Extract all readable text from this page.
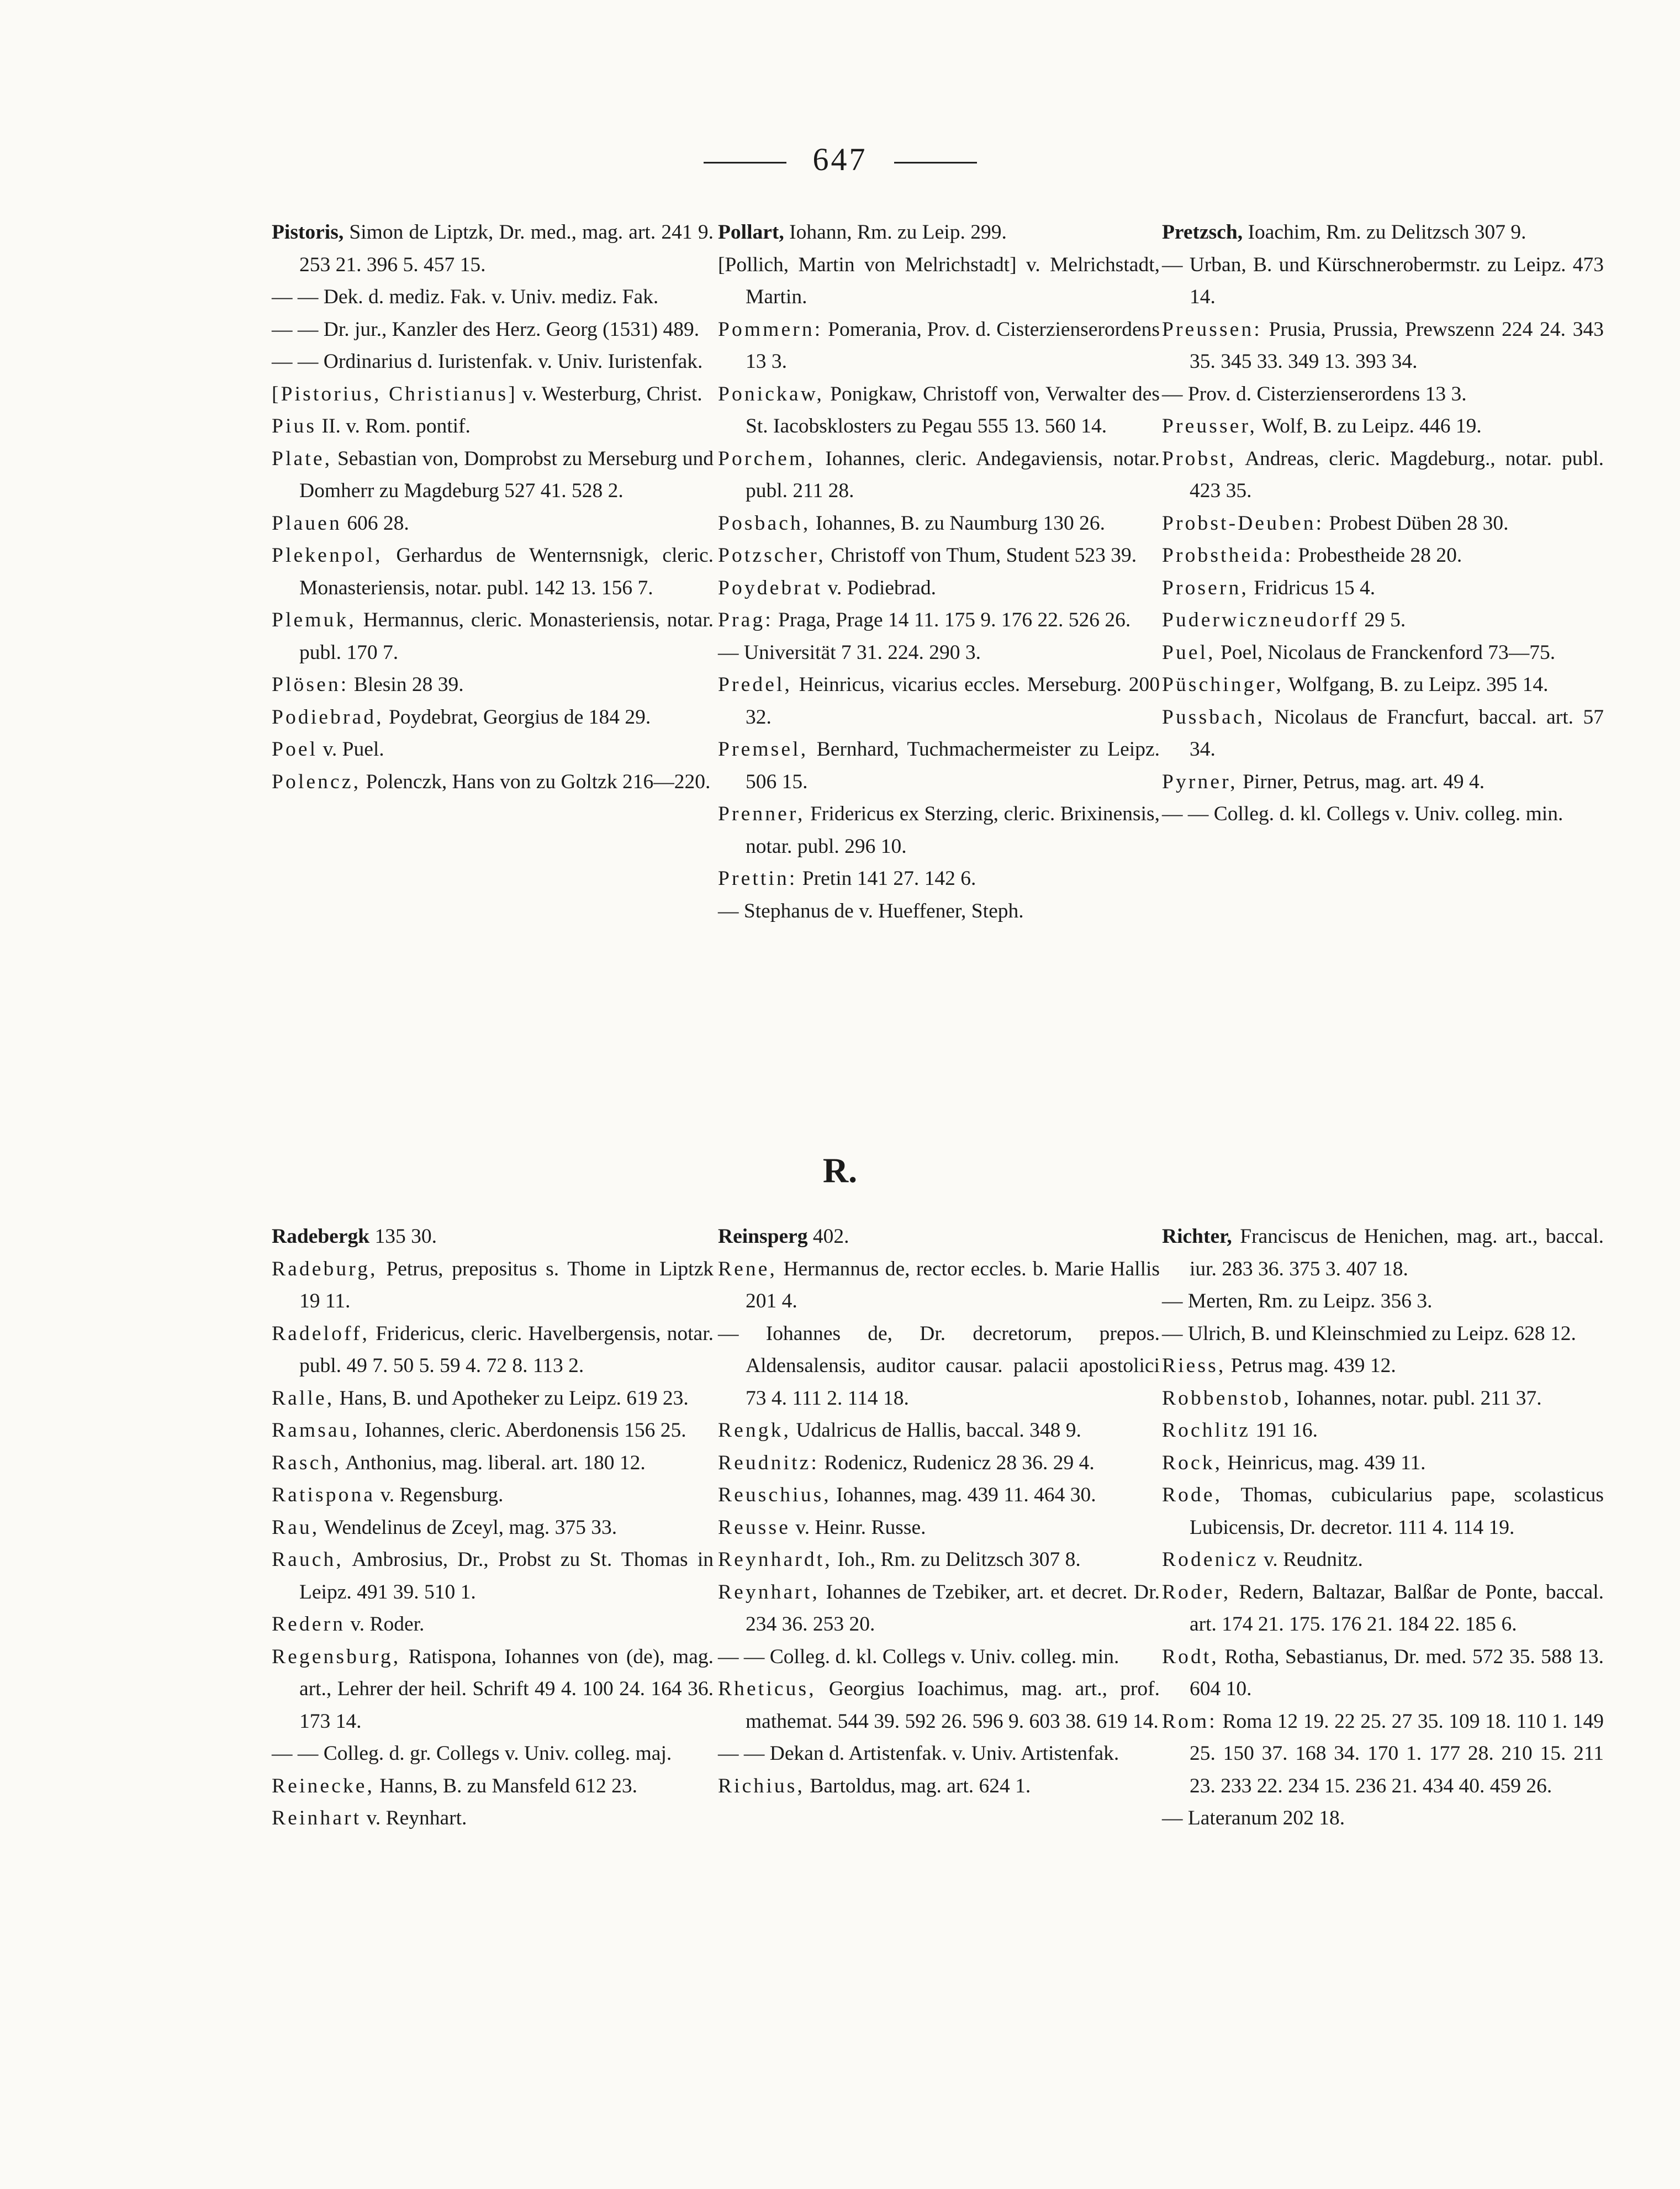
647
Pistoris, Simon de Liptzk, Dr. med., mag. art. 241 9. 253 21. 396 5. 457 15.
— — Dek. d. mediz. Fak. v. Univ. mediz. Fak.
— — Dr. jur., Kanzler des Herz. Georg (1531) 489.
— — Ordinarius d. Iuristenfak. v. Univ. Iuristenfak.
[Pistorius, Christianus] v. Westerburg, Christ.
Pius II. v. Rom. pontif.
Plate, Sebastian von, Domprobst zu Merseburg und Domherr zu Magdeburg 527 41. 528 2.
Plauen 606 28.
Plekenpol, Gerhardus de Wenternsnigk, cleric. Monasteriensis, notar. publ. 142 13. 156 7.
Plemuk, Hermannus, cleric. Monasteriensis, notar. publ. 170 7.
Plösen: Blesin 28 39.
Podiebrad, Poydebrat, Georgius de 184 29.
Poel v. Puel.
Polencz, Polenczk, Hans von zu Goltzk 216—220.
Pollart, Iohann, Rm. zu Leip. 299.
[Pollich, Martin von Melrichstadt] v. Melrichstadt, Martin.
Pommern: Pomerania, Prov. d. Cisterzienserordens 13 3.
Ponickaw, Ponigkaw, Christoff von, Verwalter des St. Iacobsklosters zu Pegau 555 13. 560 14.
Porchem, Iohannes, cleric. Andegaviensis, notar. publ. 211 28.
Posbach, Iohannes, B. zu Naumburg 130 26.
Potzscher, Christoff von Thum, Student 523 39.
Poydebrat v. Podiebrad.
Prag: Praga, Prage 14 11. 175 9. 176 22. 526 26.
— Universität 7 31. 224. 290 3.
Predel, Heinricus, vicarius eccles. Merseburg. 200 32.
Premsel, Bernhard, Tuchmachermeister zu Leipz. 506 15.
Prenner, Fridericus ex Sterzing, cleric. Brixinensis, notar. publ. 296 10.
Prettin: Pretin 141 27. 142 6.
— Stephanus de v. Hueffener, Steph.
Pretzsch, Ioachim, Rm. zu Delitzsch 307 9.
— Urban, B. und Kürschnerobermstr. zu Leipz. 473 14.
Preussen: Prusia, Prussia, Prewszenn 224 24. 343 35. 345 33. 349 13. 393 34.
— Prov. d. Cisterzienserordens 13 3.
Preusser, Wolf, B. zu Leipz. 446 19.
Probst, Andreas, cleric. Magdeburg., notar. publ. 423 35.
Probst-Deuben: Probest Düben 28 30.
Probstheida: Probestheide 28 20.
Prosern, Fridricus 15 4.
Puderwiczneudorff 29 5.
Puel, Poel, Nicolaus de Franckenford 73—75.
Püschinger, Wolfgang, B. zu Leipz. 395 14.
Pussbach, Nicolaus de Francfurt, baccal. art. 57 34.
Pyrner, Pirner, Petrus, mag. art. 49 4.
— — Colleg. d. kl. Collegs v. Univ. colleg. min.
R.
Radebergk 135 30.
Radeburg, Petrus, prepositus s. Thome in Liptzk 19 11.
Radeloff, Fridericus, cleric. Havelbergensis, notar. publ. 49 7. 50 5. 59 4. 72 8. 113 2.
Ralle, Hans, B. und Apotheker zu Leipz. 619 23.
Ramsau, Iohannes, cleric. Aberdonensis 156 25.
Rasch, Anthonius, mag. liberal. art. 180 12.
Ratispona v. Regensburg.
Rau, Wendelinus de Zceyl, mag. 375 33.
Rauch, Ambrosius, Dr., Probst zu St. Thomas in Leipz. 491 39. 510 1.
Redern v. Roder.
Regensburg, Ratispona, Iohannes von (de), mag. art., Lehrer der heil. Schrift 49 4. 100 24. 164 36. 173 14.
— — Colleg. d. gr. Collegs v. Univ. colleg. maj.
Reinecke, Hanns, B. zu Mansfeld 612 23.
Reinhart v. Reynhart.
Reinsperg 402.
Rene, Hermannus de, rector eccles. b. Marie Hallis 201 4.
— Iohannes de, Dr. decretorum, prepos. Aldensalensis, auditor causar. palacii apostolici 73 4. 111 2. 114 18.
Rengk, Udalricus de Hallis, baccal. 348 9.
Reudnitz: Rodenicz, Rudenicz 28 36. 29 4.
Reuschius, Iohannes, mag. 439 11. 464 30.
Reusse v. Heinr. Russe.
Reynhardt, Ioh., Rm. zu Delitzsch 307 8.
Reynhart, Iohannes de Tzebiker, art. et decret. Dr. 234 36. 253 20.
— — Colleg. d. kl. Collegs v. Univ. colleg. min.
Rheticus, Georgius Ioachimus, mag. art., prof. mathemat. 544 39. 592 26. 596 9. 603 38. 619 14.
— — Dekan d. Artistenfak. v. Univ. Artistenfak.
Richius, Bartoldus, mag. art. 624 1.
Richter, Franciscus de Henichen, mag. art., baccal. iur. 283 36. 375 3. 407 18.
— Merten, Rm. zu Leipz. 356 3.
— Ulrich, B. und Kleinschmied zu Leipz. 628 12.
Riess, Petrus mag. 439 12.
Robbenstob, Iohannes, notar. publ. 211 37.
Rochlitz 191 16.
Rock, Heinricus, mag. 439 11.
Rode, Thomas, cubicularius pape, scolasticus Lubicensis, Dr. decretor. 111 4. 114 19.
Rodenicz v. Reudnitz.
Roder, Redern, Baltazar, Balßar de Ponte, baccal. art. 174 21. 175. 176 21. 184 22. 185 6.
Rodt, Rotha, Sebastianus, Dr. med. 572 35. 588 13. 604 10.
Rom: Roma 12 19. 22 25. 27 35. 109 18. 110 1. 149 25. 150 37. 168 34. 170 1. 177 28. 210 15. 211 23. 233 22. 234 15. 236 21. 434 40. 459 26.
— Lateranum 202 18.
